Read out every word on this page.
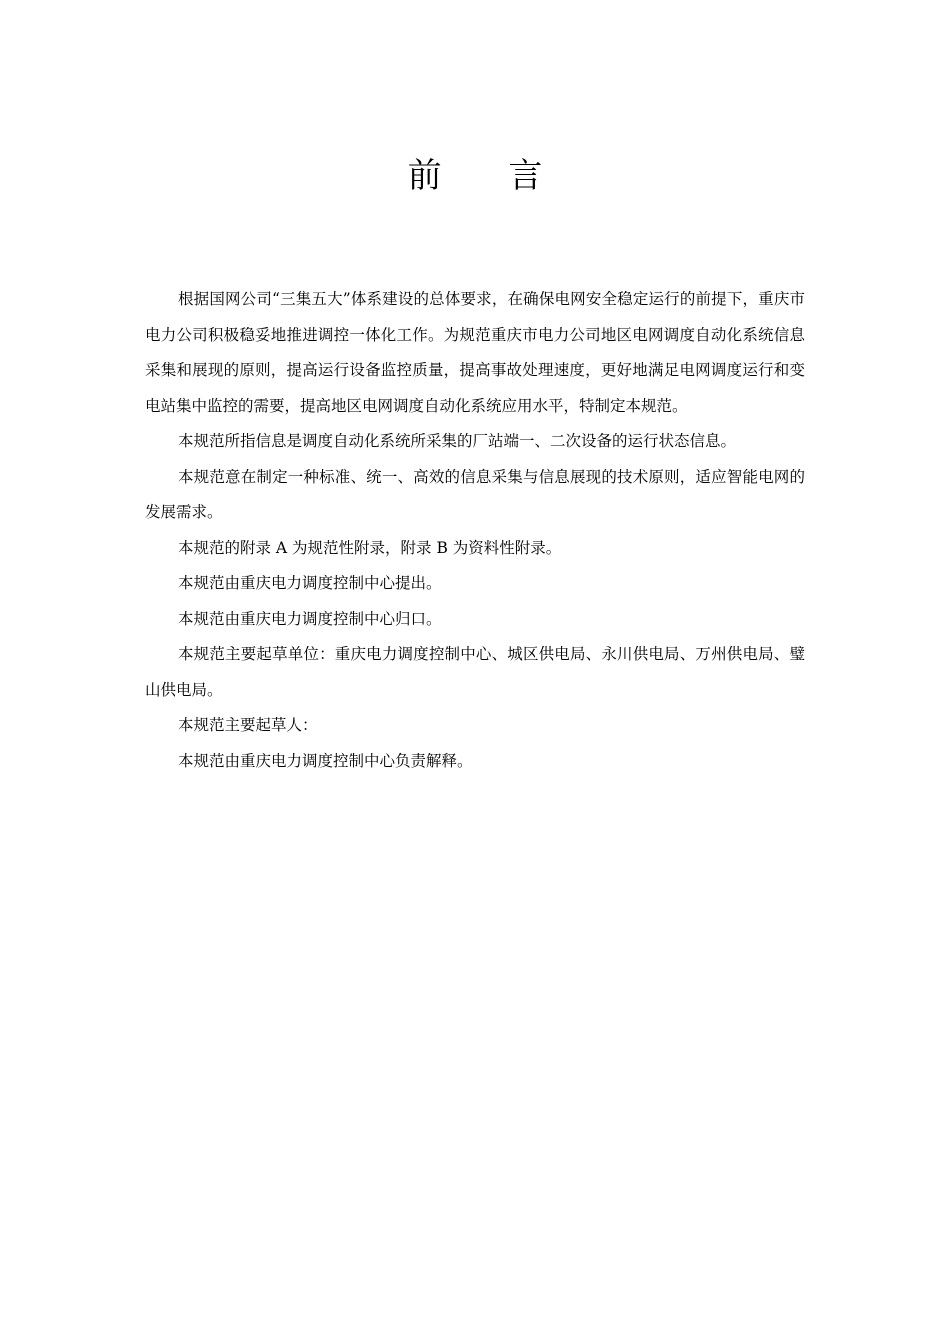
前 言

根据国网公司“三集五大”体系建设的总体要求，在确保电网安全稳定运行的前提下，重庆市电力公司积极稳妥地推进调控一体化工作。为规范重庆市电力公司地区电网调度自动化系统信息采集和展现的原则，提高运行设备监控质量，提高事故处理速度，更好地满足电网调度运行和变电站集中监控的需要，提高地区电网调度自动化系统应用水平，特制定本规范。

本规范所指信息是调度自动化系统所采集的厂站端一、二次设备的运行状态信息。

本规范意在制定一种标准、统一、高效的信息采集与信息展现的技术原则，适应智能电网的发展需求。

本规范的附录 A 为规范性附录，附录 B 为资料性附录。

本规范由重庆电力调度控制中心提出。

本规范由重庆电力调度控制中心归口。

本规范主要起草单位：重庆电力调度控制中心、城区供电局、永川供电局、万州供电局、璧山供电局。

本规范主要起草人：

本规范由重庆电力调度控制中心负责解释。
